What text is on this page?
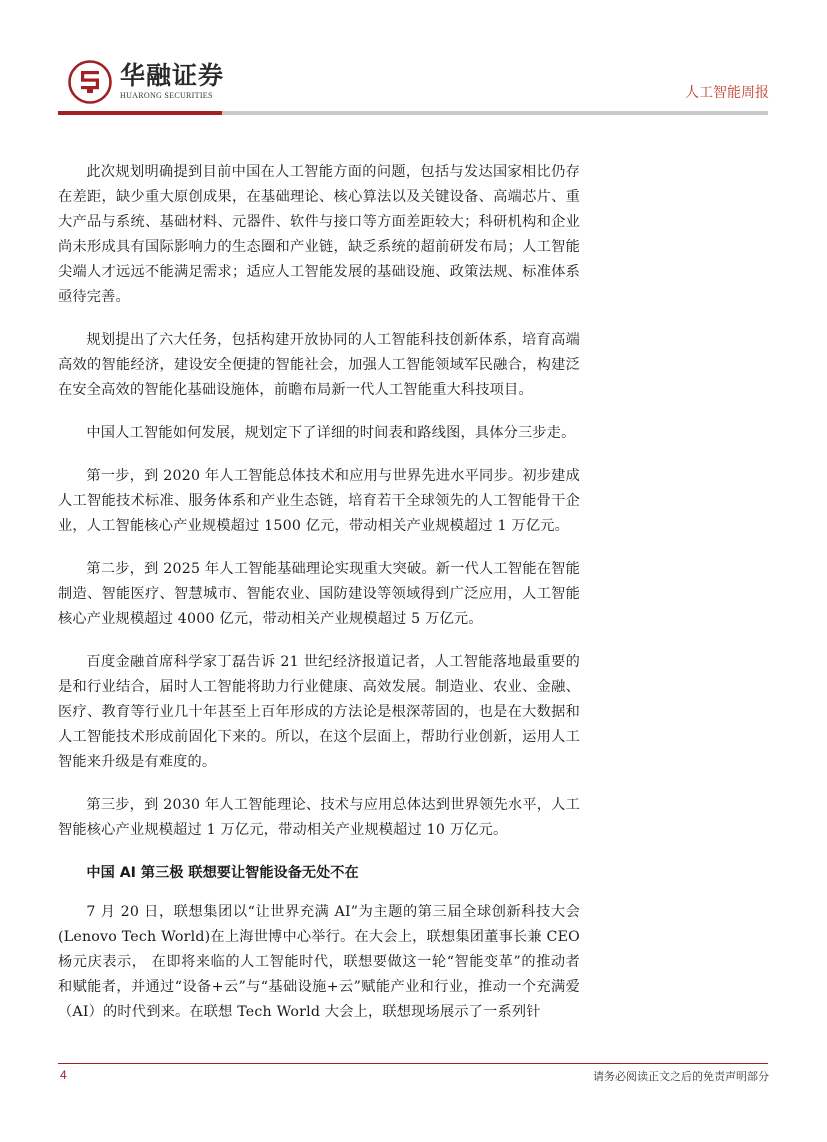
华融证券
HUARONG SECURITIES	人工智能周报

此次规划明确提到目前中国在人工智能方面的问题，包括与发达国家相比仍存在差距，缺少重大原创成果，在基础理论、核心算法以及关键设备、高端芯片、重大产品与系统、基础材料、元器件、软件与接口等方面差距较大；科研机构和企业尚未形成具有国际影响力的生态圈和产业链，缺乏系统的超前研发布局；人工智能尖端人才远远不能满足需求；适应人工智能发展的基础设施、政策法规、标准体系亟待完善。

规划提出了六大任务，包括构建开放协同的人工智能科技创新体系，培育高端高效的智能经济，建设安全便捷的智能社会，加强人工智能领域军民融合，构建泛在安全高效的智能化基础设施体，前瞻布局新一代人工智能重大科技项目。

中国人工智能如何发展，规划定下了详细的时间表和路线图，具体分三步走。

第一步，到 2020 年人工智能总体技术和应用与世界先进水平同步。初步建成人工智能技术标准、服务体系和产业生态链，培育若干全球领先的人工智能骨干企业，人工智能核心产业规模超过 1500 亿元，带动相关产业规模超过 1 万亿元。

第二步，到 2025 年人工智能基础理论实现重大突破。新一代人工智能在智能制造、智能医疗、智慧城市、智能农业、国防建设等领域得到广泛应用，人工智能核心产业规模超过 4000 亿元，带动相关产业规模超过 5 万亿元。

百度金融首席科学家丁磊告诉 21 世纪经济报道记者，人工智能落地最重要的是和行业结合，届时人工智能将助力行业健康、高效发展。制造业、农业、金融、医疗、教育等行业几十年甚至上百年形成的方法论是根深蒂固的，也是在大数据和人工智能技术形成前固化下来的。所以，在这个层面上，帮助行业创新，运用人工智能来升级是有难度的。

第三步，到 2030 年人工智能理论、技术与应用总体达到世界领先水平，人工智能核心产业规模超过 1 万亿元，带动相关产业规模超过 10 万亿元。

中国 AI 第三极 联想要让智能设备无处不在

7 月 20 日，联想集团以“让世界充满 AI”为主题的第三届全球创新科技大会(Lenovo Tech World)在上海世博中心举行。在大会上，联想集团董事长兼 CEO 杨元庆表示， 在即将来临的人工智能时代，联想要做这一轮“智能变革”的推动者和赋能者，并通过“设备+云”与“基础设施+云”赋能产业和行业，推动一个充满爱（AI）的时代到来。在联想 Tech World 大会上，联想现场展示了一系列针

4	请务必阅读正文之后的免责声明部分
